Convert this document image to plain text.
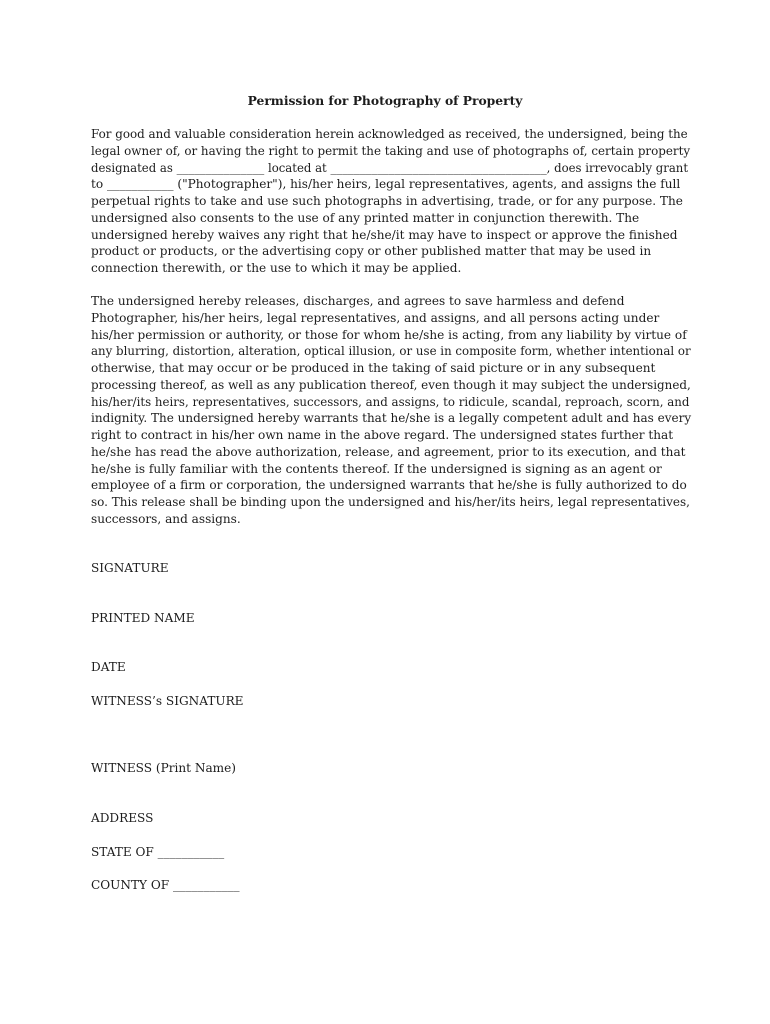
Permission for Photography of Property
For good and valuable consideration herein acknowledged as received, the undersigned, being the
legal owner of, or having the right to permit the taking and use of photographs of, certain property
designated as _______________ located at _____________________________________, does irrevocably grant
to ___________ ("Photographer"), his/her heirs, legal representatives, agents, and assigns the full
perpetual rights to take and use such photographs in advertising, trade, or for any purpose. The
undersigned also consents to the use of any printed matter in conjunction therewith. The
undersigned hereby waives any right that he/she/it may have to inspect or approve the finished
product or products, or the advertising copy or other published matter that may be used in
connection therewith, or the use to which it may be applied.
The undersigned hereby releases, discharges, and agrees to save harmless and defend
Photographer, his/her heirs, legal representatives, and assigns, and all persons acting under
his/her permission or authority, or those for whom he/she is acting, from any liability by virtue of
any blurring, distortion, alteration, optical illusion, or use in composite form, whether intentional or
otherwise, that may occur or be produced in the taking of said picture or in any subsequent
processing thereof, as well as any publication thereof, even though it may subject the undersigned,
his/her/its heirs, representatives, successors, and assigns, to ridicule, scandal, reproach, scorn, and
indignity. The undersigned hereby warrants that he/she is a legally competent adult and has every
right to contract in his/her own name in the above regard. The undersigned states further that
he/she has read the above authorization, release, and agreement, prior to its execution, and that
he/she is fully familiar with the contents thereof. If the undersigned is signing as an agent or
employee of a firm or corporation, the undersigned warrants that he/she is fully authorized to do
so. This release shall be binding upon the undersigned and his/her/its heirs, legal representatives,
successors, and assigns.
SIGNATURE
PRINTED NAME
DATE
WITNESS’s SIGNATURE
WITNESS (Print Name)
ADDRESS
STATE OF ___________
COUNTY OF ___________
